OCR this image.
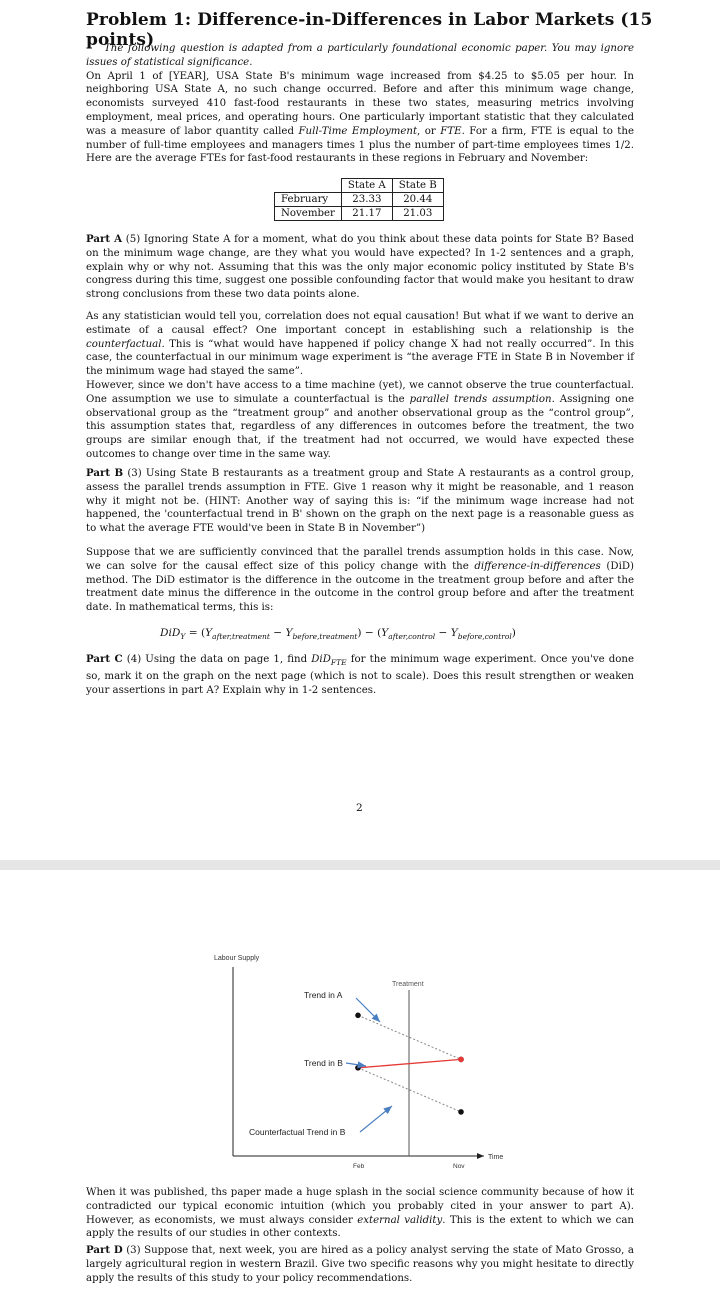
Problem 1: Difference-in-Differences in Labor Markets (15 points)
The following question is adapted from a particularly foundational economic paper. You may ignore issues of statistical significance. On April 1 of [YEAR], USA State B's minimum wage increased from $4.25 to $5.05 per hour. In neighboring USA State A, no such change occurred. Before and after this minimum wage change, economists surveyed 410 fast-food restaurants in these two states, measuring metrics involving employment, meal prices, and operating hours. One particularly important statistic that they calculated was a measure of labor quantity called Full-Time Employment, or FTE. For a firm, FTE is equal to the number of full-time employees and managers times 1 plus the number of part-time employees times 1/2. Here are the average FTEs for fast-food restaurants in these regions in February and November:
	State A	State B
February	23.33	20.44
November	21.17	21.03
Part A (5) Ignoring State A for a moment, what do you think about these data points for State B? Based on the minimum wage change, are they what you would have expected? In 1-2 sentences and a graph, explain why or why not. Assuming that this was the only major economic policy instituted by State B's congress during this time, suggest one possible confounding factor that would make you hesitant to draw strong conclusions from these two data points alone.
As any statistician would tell you, correlation does not equal causation! But what if we want to derive an estimate of a causal effect? One important concept in establishing such a relationship is the counterfactual. This is “what would have happened if policy change X had not really occurred”. In this case, the counterfactual in our minimum wage experiment is “the average FTE in State B in November if the minimum wage had stayed the same”.
However, since we don't have access to a time machine (yet), we cannot observe the true counterfactual. One assumption we use to simulate a counterfactual is the parallel trends assumption. Assigning one observational group as the “treatment group” and another observational group as the “control group”, this assumption states that, regardless of any differences in outcomes before the treatment, the two groups are similar enough that, if the treatment had not occurred, we would have expected these outcomes to change over time in the same way.
Part B (3) Using State B restaurants as a treatment group and State A restaurants as a control group, assess the parallel trends assumption in FTE. Give 1 reason why it might be reasonable, and 1 reason why it might not be. (HINT: Another way of saying this is: “if the minimum wage increase had not happened, the 'counterfactual trend in B' shown on the graph on the next page is a reasonable guess as to what the average FTE would've been in State B in November”)
Suppose that we are sufficiently convinced that the parallel trends assumption holds in this case. Now, we can solve for the causal effect size of this policy change with the difference-in-differences (DiD) method. The DiD estimator is the difference in the outcome in the treatment group before and after the treatment date minus the difference in the outcome in the control group before and after the treatment date. In mathematical terms, this is:
$DiD_Y = (Y_{after,treatment} - Y_{before,treatment}) - (Y_{after,control} - Y_{before,control})$
Part C (4) Using the data on page 1, find DiD$_{FTE}$ for the minimum wage experiment. Once you've done so, mark it on the graph on the next page (which is not to scale). Does this result strengthen or weaken your assertions in part A? Explain why in 1-2 sentences.
2
Labour Supply
Time
Feb	Nov
Treatment
Trend in A
Trend in B
Counterfactual Trend in B
When it was published, ths paper made a huge splash in the social science community because of how it contradicted our typical economic intuition (which you probably cited in your answer to part A). However, as economists, we must always consider external validity. This is the extent to which we can apply the results of our studies in other contexts.
Part D (3) Suppose that, next week, you are hired as a policy analyst serving the state of Mato Grosso, a largely agricultural region in western Brazil. Give two specific reasons why you might hesitate to directly apply the results of this study to your policy recommendations.
